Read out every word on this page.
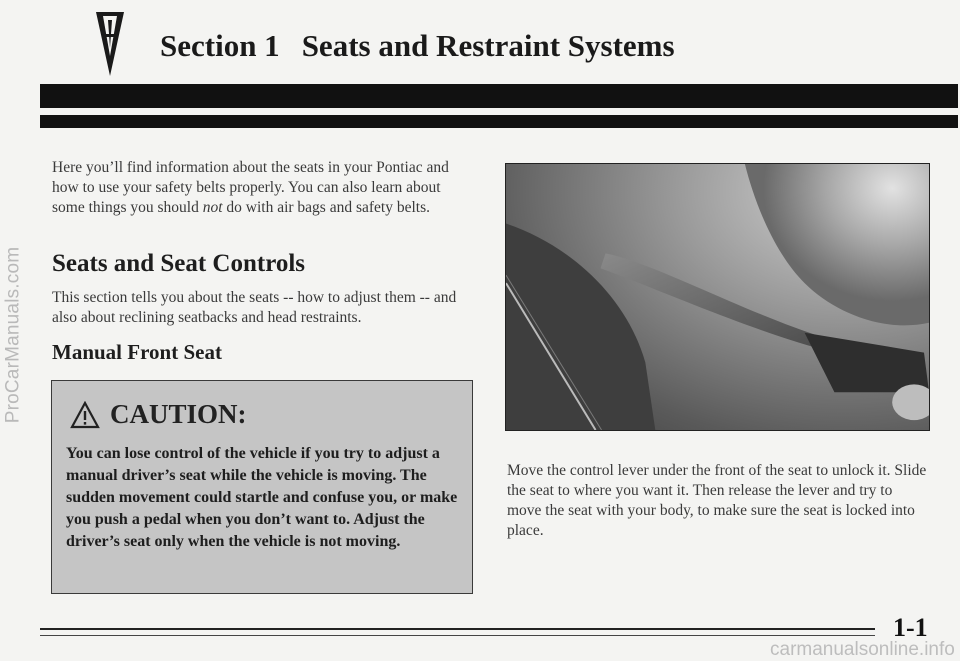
ProCarManuals.com
Section 1 Seats and Restraint Systems
Here you’ll find information about the seats in your Pontiac and how to use your safety belts properly. You can also learn about some things you should not do with air bags and safety belts.
Seats and Seat Controls
This section tells you about the seats -- how to adjust them -- and also about reclining seatbacks and head restraints.
Manual Front Seat
CAUTION:
You can lose control of the vehicle if you try to adjust a manual driver’s seat while the vehicle is moving. The sudden movement could startle and confuse you, or make you push a pedal when you don’t want to. Adjust the driver’s seat only when the vehicle is not moving.
Move the control lever under the front of the seat to unlock it. Slide the seat to where you want it. Then release the lever and try to move the seat with your body, to make sure the seat is locked into place.
1-1
carmanualsonline.info
